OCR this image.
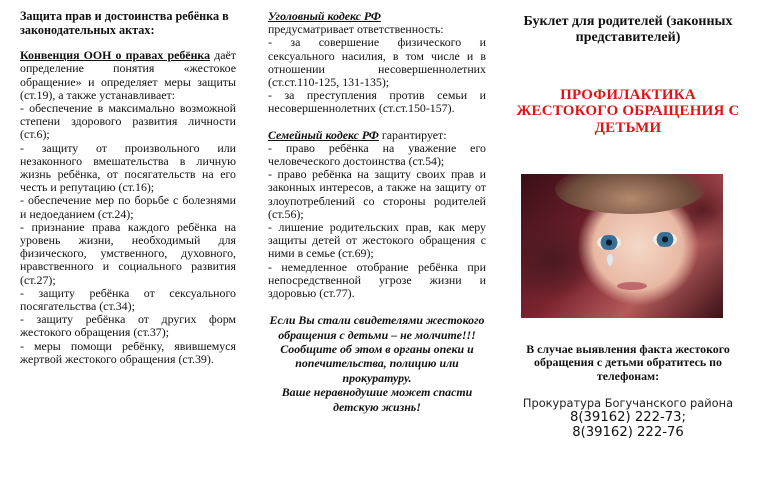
Защита прав и достоинства ребёнка в законодательных актах:

Конвенция ООН о правах ребёнка даёт определение понятия «жестокое обращение» и определяет меры защиты (ст.19), а также устанавливает:

- обеспечение в максимально возможной степени здорового развития личности (ст.6);

- защиту от произвольного или незаконного вмешательства в личную жизнь ребёнка, от посягательств на его честь и репутацию (ст.16);

- обеспечение мер по борьбе с болезнями и недоеданием (ст.24);

- признание права каждого ребёнка на уровень жизни, необходимый для физического, умственного, духовного, нравственного и социального развития (ст.27);

- защиту ребёнка от сексуального посягательства (ст.34);

- защиту ребёнка от других форм жестокого обращения (ст.37);

- меры помощи ребёнку, явившемуся жертвой жестокого обращения (ст.39).

Уголовный кодекс РФ

предусматривает ответственность:

- за совершение физического и сексуального насилия, в том числе и в отношении несовершеннолетних (ст.ст.110-125, 131-135);

- за преступления против семьи и несовершеннолетних (ст.ст.150-157).

Семейный кодекс РФ гарантирует:

- право ребёнка на уважение его человеческого достоинства (ст.54);

- право ребёнка на защиту своих прав и законных интересов, а также на защиту от злоупотреблений со стороны родителей (ст.56);

- лишение родительских прав, как меру защиты детей от жестокого обращения с ними в семье (ст.69);

- немедленное отобрание ребёнка при непосредственной угрозе жизни и здоровью (ст.77).

Если Вы стали свидетелями жестокого обращения с детьми – не молчите!!!
Сообщите об этом в органы опеки и попечительства, полицию или прокуратуру.
Ваше неравнодушие может спасти детскую жизнь!
Буклет для родителей (законных представителей)
ПРОФИЛАКТИКА ЖЕСТОКОГО ОБРАЩЕНИЯ С ДЕТЬМИ
В случае выявления факта жестокого обращения с детьми обратитесь по телефонам:
Прокуратура Богучанского района
8(39162) 222-73;
8(39162) 222-76
